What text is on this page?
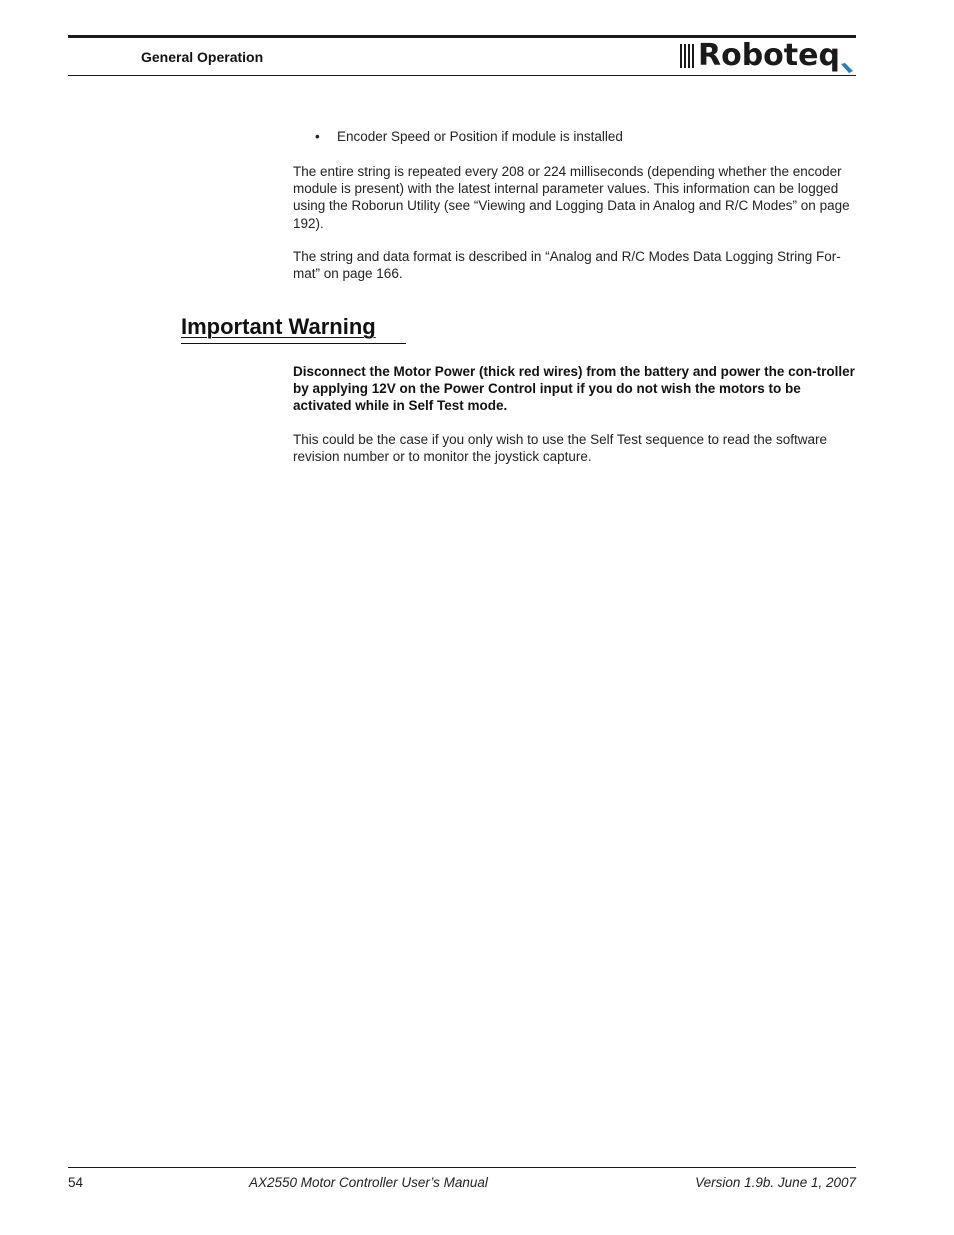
General Operation	Roboteq
• Encoder Speed or Position if module is installed
The entire string is repeated every 208 or 224 milliseconds (depending whether the encoder module is present) with the latest internal parameter values. This information can be logged using the Roborun Utility (see “Viewing and Logging Data in Analog and R/C Modes” on page 192).
The string and data format is described in “Analog and R/C Modes Data Logging String For-mat” on page 166.
Important Warning
Disconnect the Motor Power (thick red wires) from the battery and power the con-troller by applying 12V on the Power Control input if you do not wish the motors to be activated while in Self Test mode.
This could be the case if you only wish to use the Self Test sequence to read the software revision number or to monitor the joystick capture.
54	AX2550 Motor Controller User’s Manual	Version 1.9b. June 1, 2007
